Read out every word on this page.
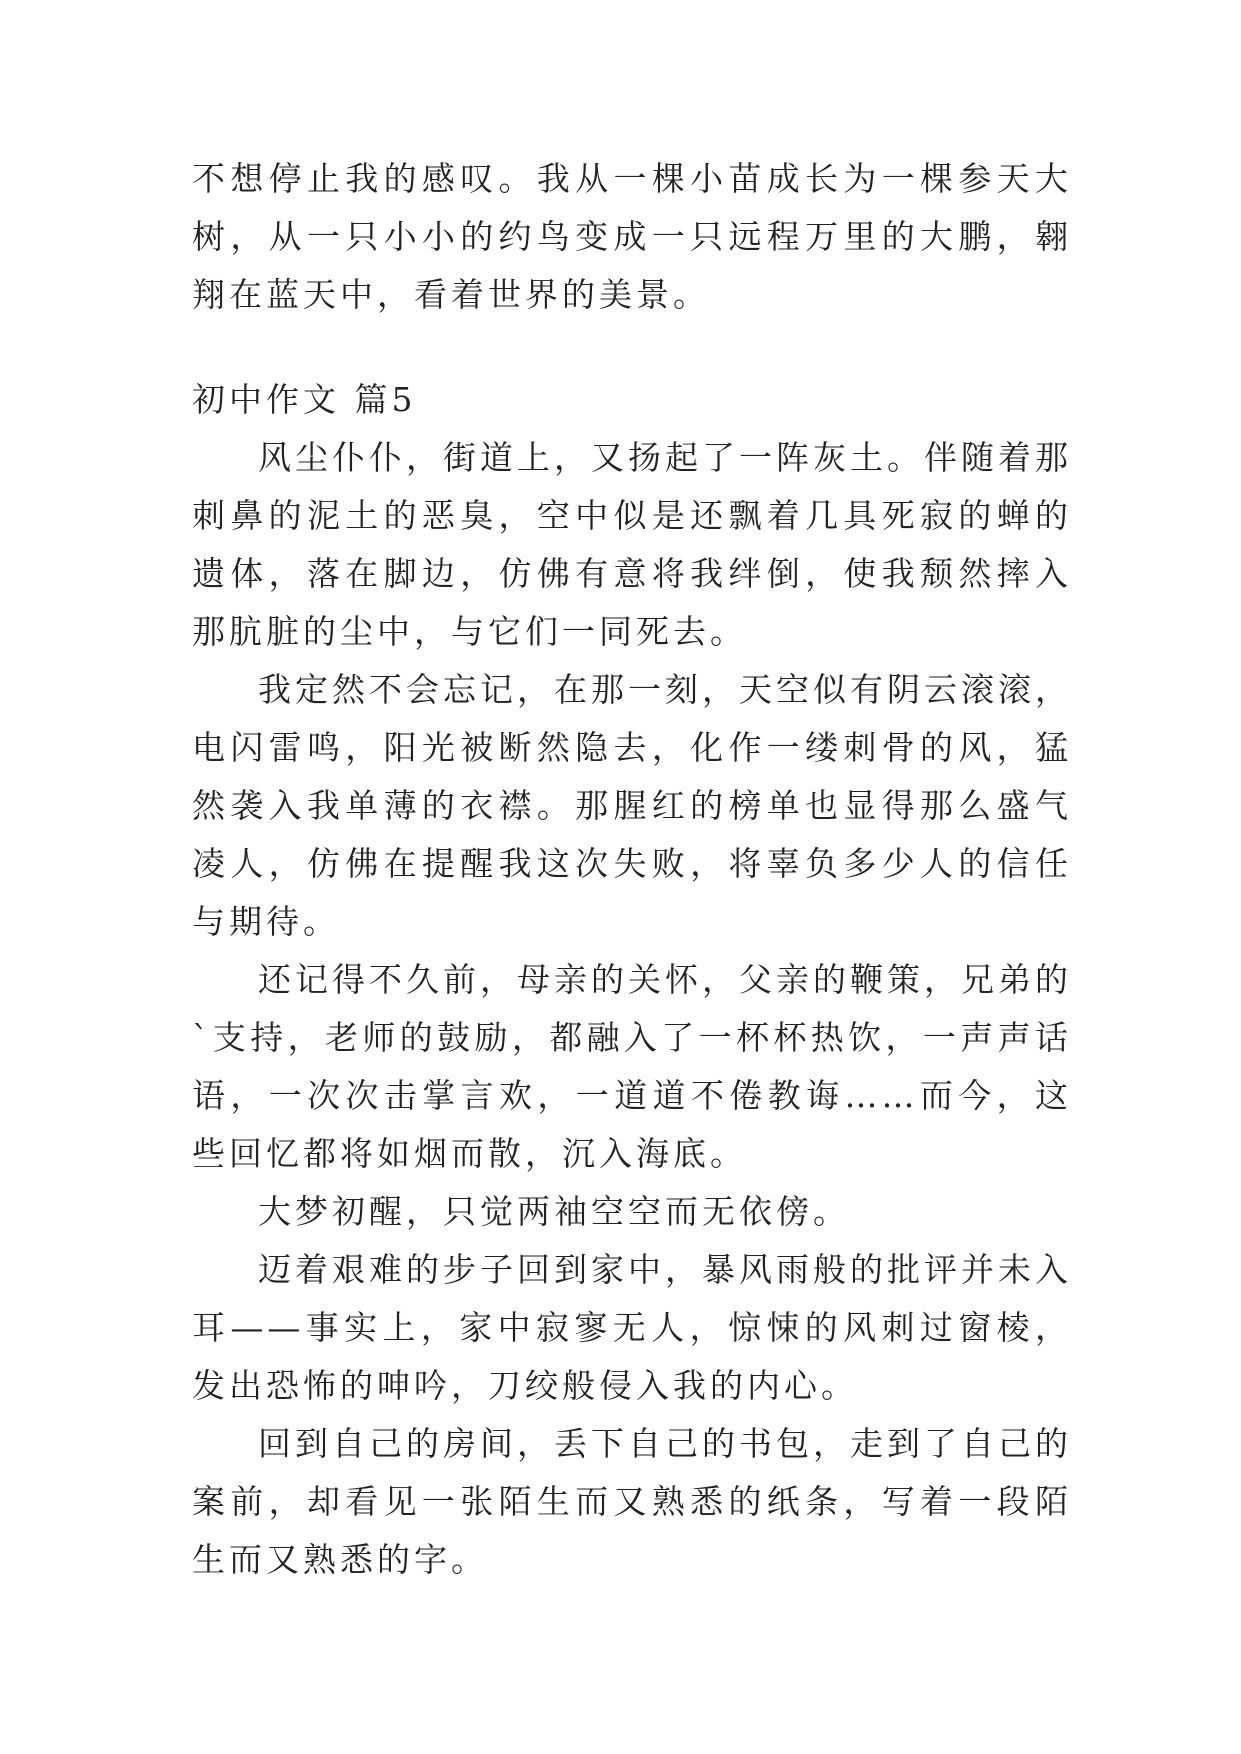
不想停止我的感叹。我从一棵小苗成长为一棵参天大树，从一只小小的约鸟变成一只远程万里的大鹏，翱翔在蓝天中，看着世界的美景。

初中作文 篇5

风尘仆仆，街道上，又扬起了一阵灰土。伴随着那刺鼻的泥土的恶臭，空中似是还飘着几具死寂的蝉的遗体，落在脚边，仿佛有意将我绊倒，使我颓然摔入那肮脏的尘中，与它们一同死去。

我定然不会忘记，在那一刻，天空似有阴云滚滚，电闪雷鸣，阳光被断然隐去，化作一缕刺骨的风，猛然袭入我单薄的衣襟。那腥红的榜单也显得那么盛气凌人，仿佛在提醒我这次失败，将辜负多少人的信任与期待。

还记得不久前，母亲的关怀，父亲的鞭策，兄弟的`支持，老师的鼓励，都融入了一杯杯热饮，一声声话语，一次次击掌言欢，一道道不倦教诲……而今，这些回忆都将如烟而散，沉入海底。

大梦初醒，只觉两袖空空而无依傍。

迈着艰难的步子回到家中，暴风雨般的批评并未入耳——事实上，家中寂寥无人，惊悚的风刺过窗棱，发出恐怖的呻吟，刀绞般侵入我的内心。

回到自己的房间，丢下自己的书包，走到了自己的案前，却看见一张陌生而又熟悉的纸条，写着一段陌生而又熟悉的字。
